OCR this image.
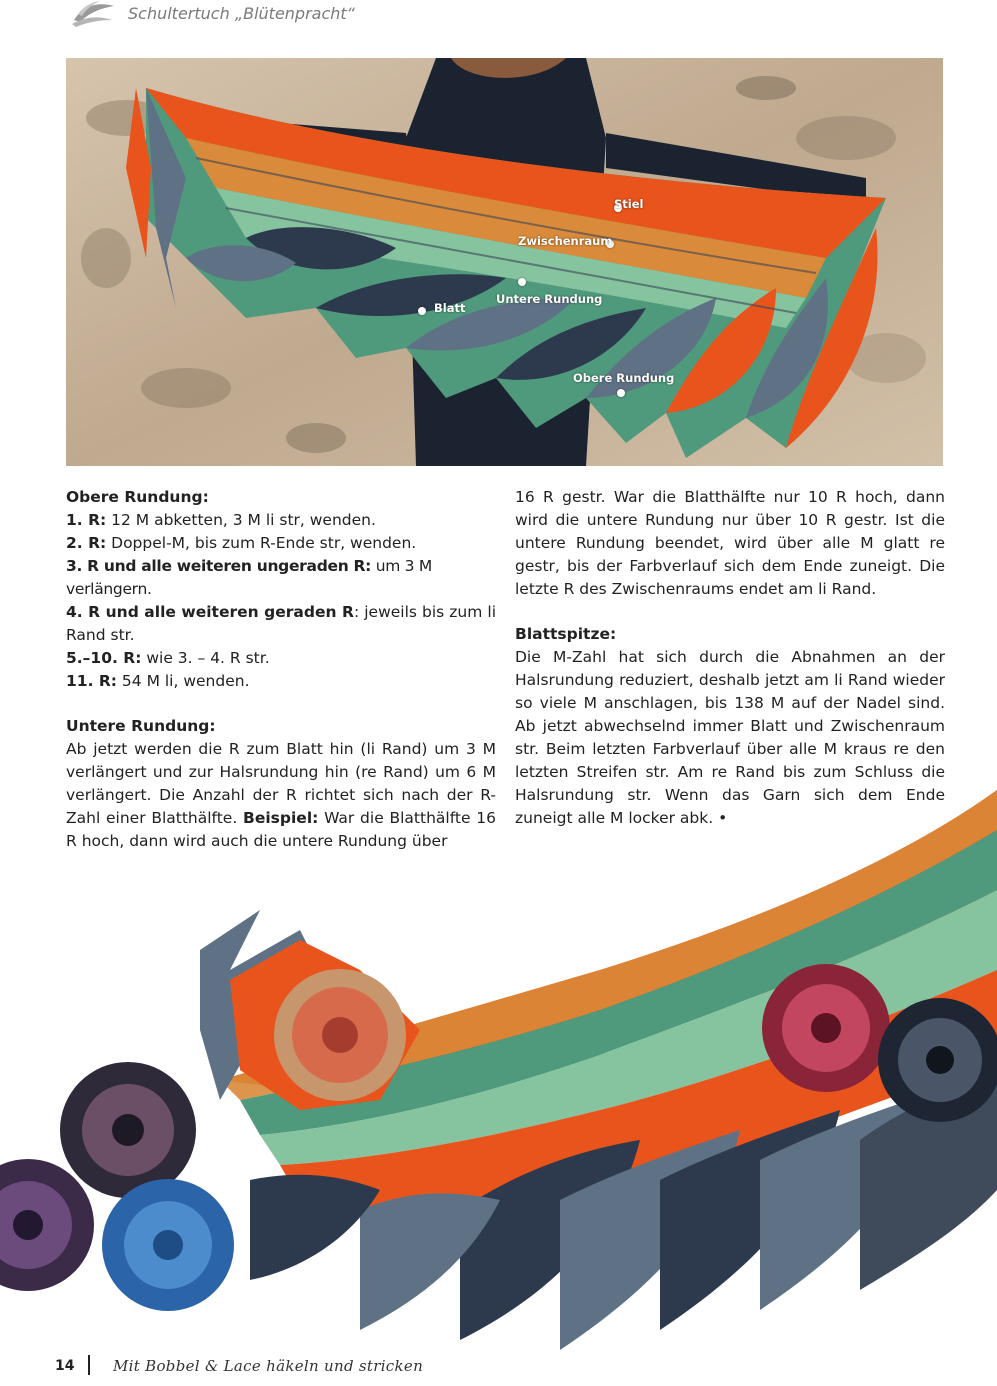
Schultertuch „Blütenpracht“
Stiel
Zwischenraum
Untere Rundung
Blatt
Obere Rundung
Obere Rundung:

1. R: 12 M abketten, 3 M li str, wenden.

2. R: Doppel-M, bis zum R-Ende str, wenden.

3. R und alle weiteren ungeraden R: um 3 M verlängern.

4. R und alle weiteren geraden R: jeweils bis zum li Rand str.

5.–10. R: wie 3. – 4. R str.

11. R: 54 M li, wenden.

Untere Rundung:

Ab jetzt werden die R zum Blatt hin (li Rand) um 3 M verlängert und zur Halsrundung hin (re Rand) um 6 M verlängert. Die Anzahl der R richtet sich nach der R-Zahl einer Blatthälfte. Beispiel: War die Blatthälfte 16 R hoch, dann wird auch die untere Rundung über

16 R gestr. War die Blatthälfte nur 10 R hoch, dann wird die untere Rundung nur über 10 R gestr. Ist die untere Rundung beendet, wird über alle M glatt re gestr, bis der Farbverlauf sich dem Ende zuneigt. Die letzte R des Zwischenraums endet am li Rand.

Blattspitze:

Die M-Zahl hat sich durch die Abnahmen an der Halsrundung reduziert, deshalb jetzt am li Rand wieder so viele M anschlagen, bis 138 M auf der Nadel sind. Ab jetzt abwechselnd immer Blatt und Zwischenraum str. Beim letzten Farbverlauf über alle M kraus re den letzten Streifen str. Am re Rand bis zum Schluss die Halsrundung str. Wenn das Garn sich dem Ende zuneigt alle M locker abk. •

14	Mit Bobbel & Lace häkeln und stricken
